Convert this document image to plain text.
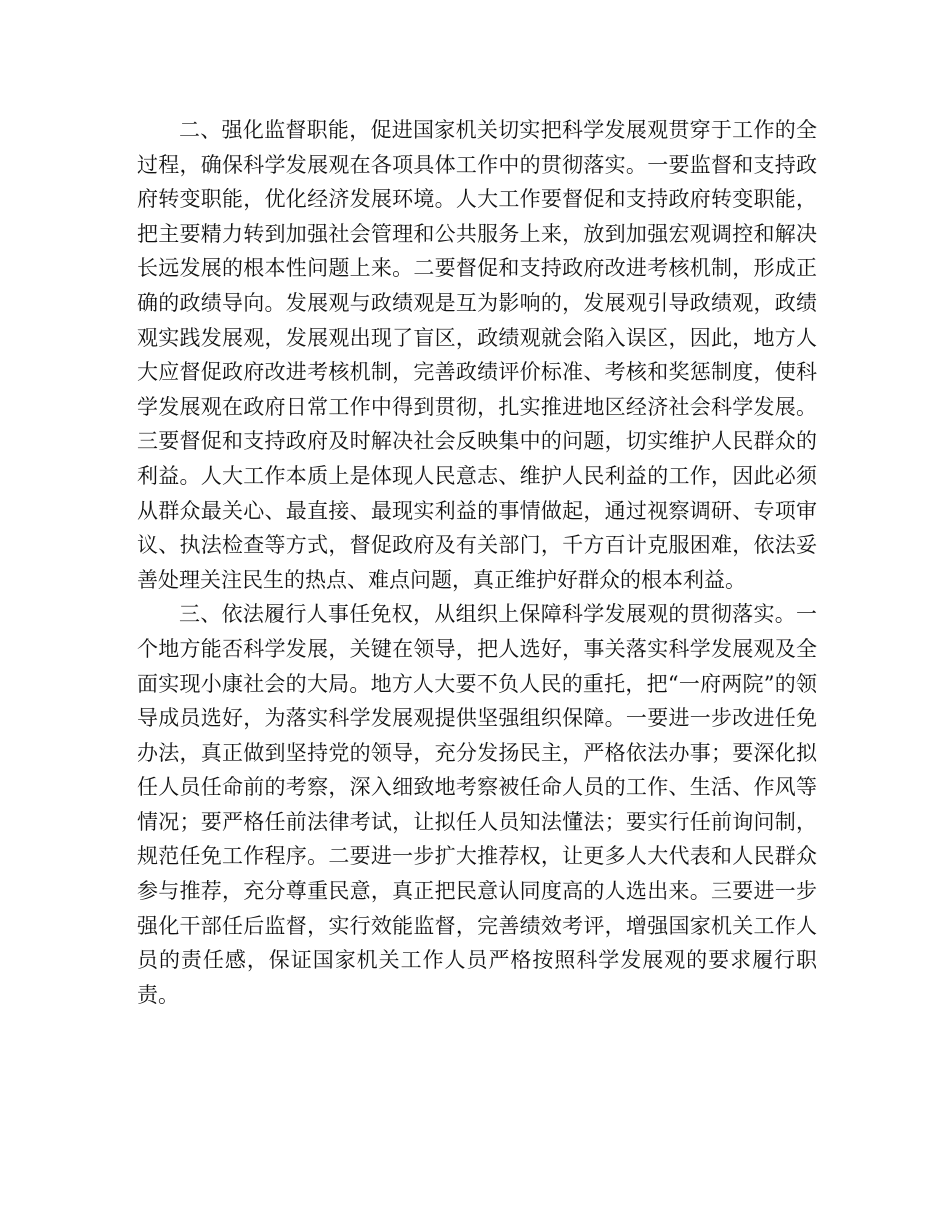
二、强化监督职能，促进国家机关切实把科学发展观贯穿于工作的全过程，确保科学发展观在各项具体工作中的贯彻落实。一要监督和支持政府转变职能，优化经济发展环境。人大工作要督促和支持政府转变职能，把主要精力转到加强社会管理和公共服务上来，放到加强宏观调控和解决长远发展的根本性问题上来。二要督促和支持政府改进考核机制，形成正确的政绩导向。发展观与政绩观是互为影响的，发展观引导政绩观，政绩观实践发展观，发展观出现了盲区，政绩观就会陷入误区，因此，地方人大应督促政府改进考核机制，完善政绩评价标准、考核和奖惩制度，使科学发展观在政府日常工作中得到贯彻，扎实推进地区经济社会科学发展。三要督促和支持政府及时解决社会反映集中的问题，切实维护人民群众的利益。人大工作本质上是体现人民意志、维护人民利益的工作，因此必须从群众最关心、最直接、最现实利益的事情做起，通过视察调研、专项审议、执法检查等方式，督促政府及有关部门，千方百计克服困难，依法妥善处理关注民生的热点、难点问题，真正维护好群众的根本利益。

三、依法履行人事任免权，从组织上保障科学发展观的贯彻落实。一个地方能否科学发展，关键在领导，把人选好，事关落实科学发展观及全面实现小康社会的大局。地方人大要不负人民的重托，把“一府两院”的领导成员选好，为落实科学发展观提供坚强组织保障。一要进一步改进任免办法，真正做到坚持党的领导，充分发扬民主，严格依法办事；要深化拟任人员任命前的考察，深入细致地考察被任命人员的工作、生活、作风等情况；要严格任前法律考试，让拟任人员知法懂法；要实行任前询问制，规范任免工作程序。二要进一步扩大推荐权，让更多人大代表和人民群众参与推荐，充分尊重民意，真正把民意认同度高的人选出来。三要进一步强化干部任后监督，实行效能监督，完善绩效考评，增强国家机关工作人员的责任感，保证国家机关工作人员严格按照科学发展观的要求履行职责。
